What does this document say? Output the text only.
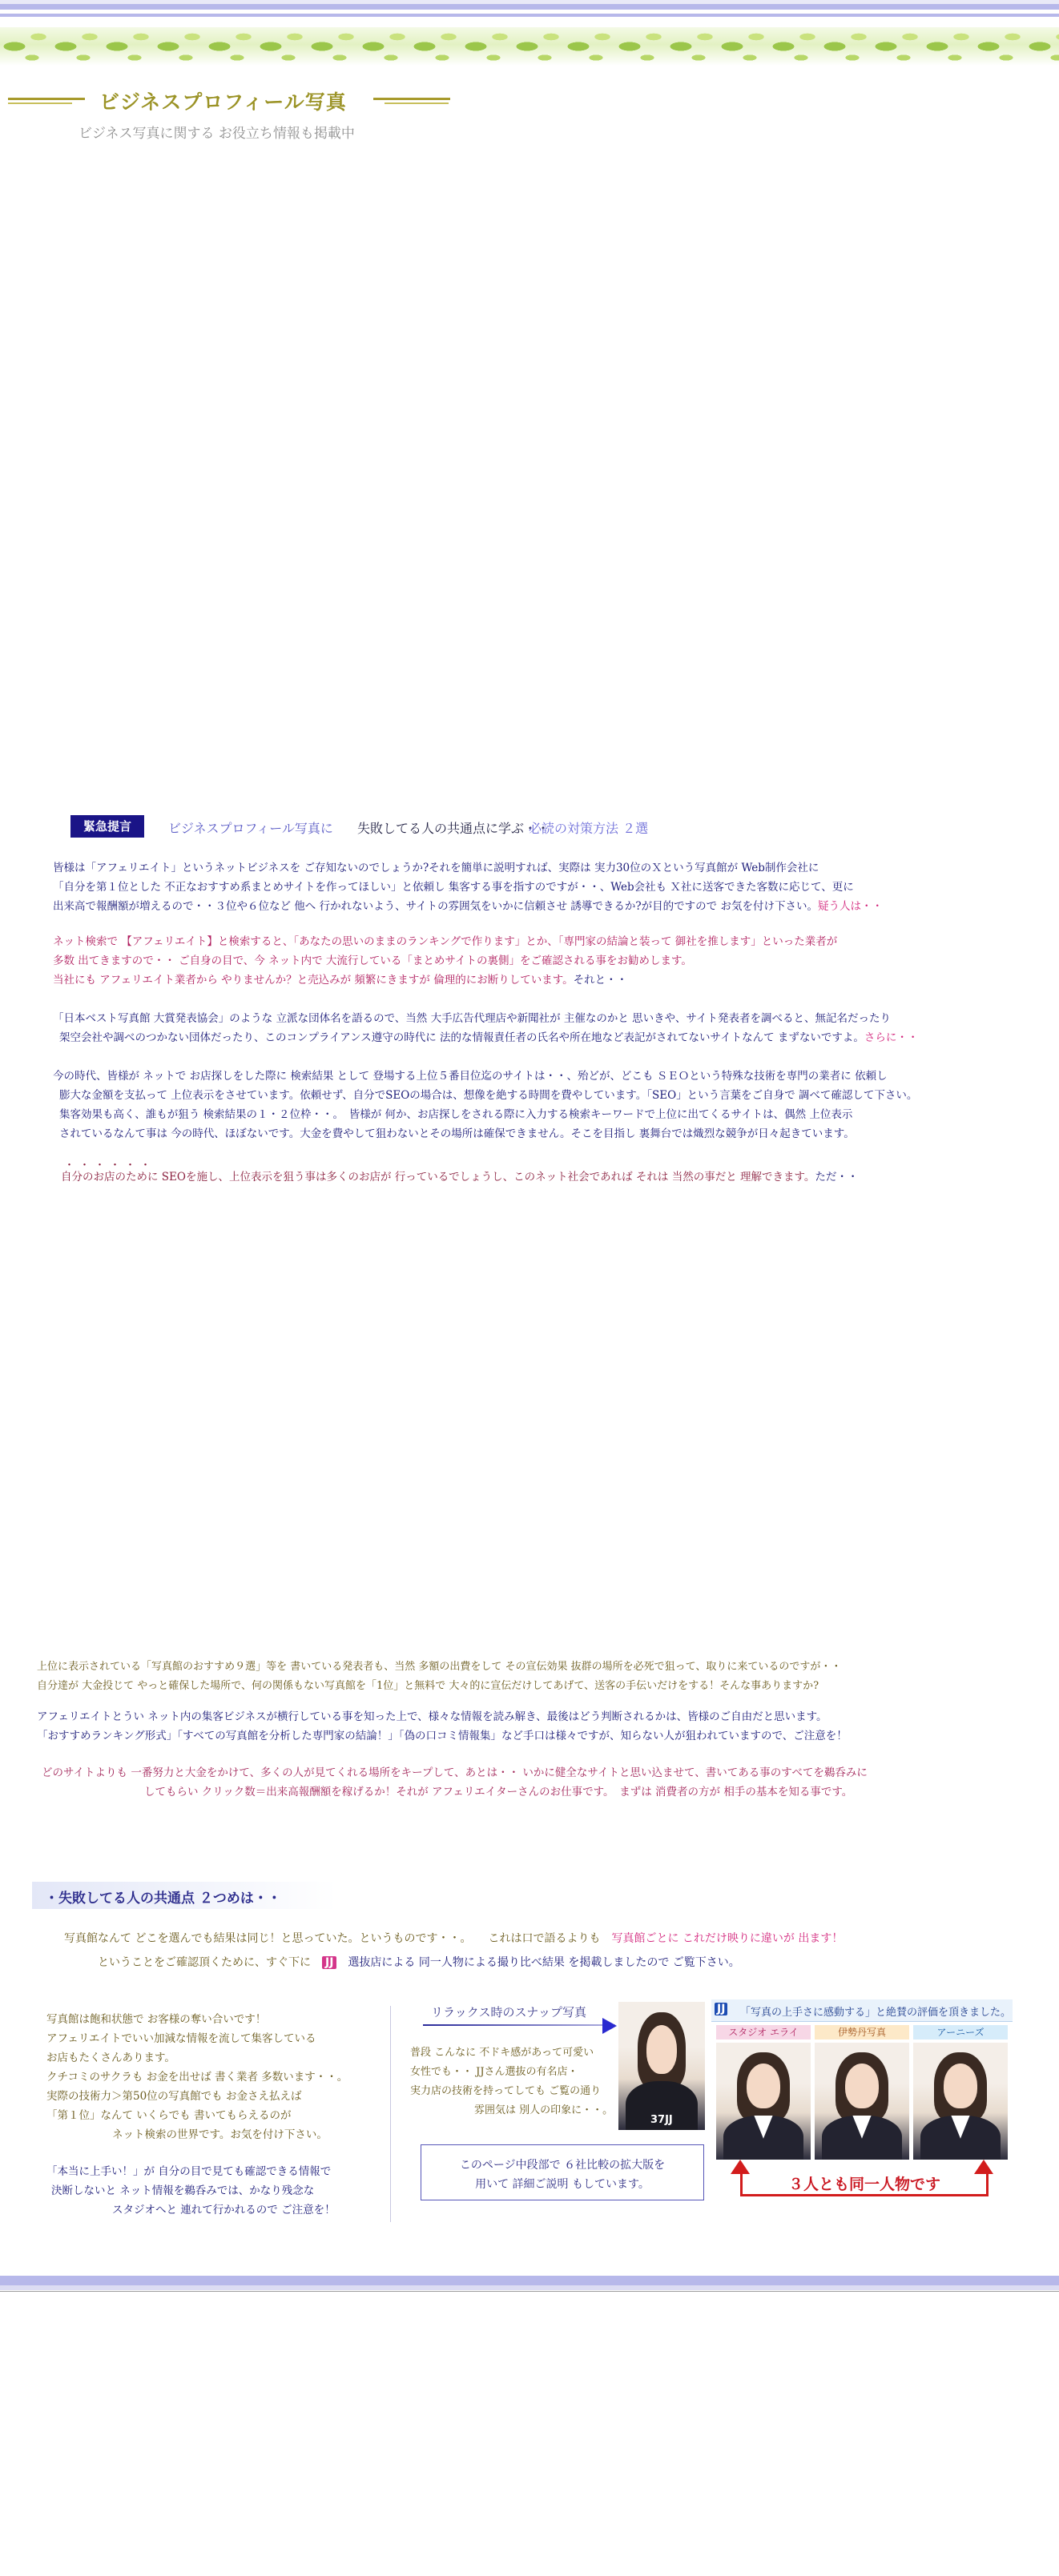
ビジネスプロフィール写真
ビジネス写真に関する お役立ち情報も掲載中
緊急提言	ビジネスプロフィール写真に 失敗してる人の共通点に学ぶ・・
必読の対策方法 ２選
皆様は「アフェリエイト」というネットビジネスを ご存知ないのでしょうか?それを簡単に説明すれば、実際は 実力30位のＸという写真館が Web制作会社に
「自分を第１位とした 不正なおすすめ系まとめサイトを作ってほしい」と依頼し 集客する事を指すのですが・・、Web会社も Ｘ社に送客できた客数に応じて、更に
出来高で報酬額が増えるので・・３位や６位など 他へ 行かれないよう、サイトの雰囲気をいかに信頼させ 誘導できるか?が目的ですので お気を付け下さい。疑う人は・・
ネット検索で 【アフェリエイト】と検索すると、「あなたの思いのままのランキングで作ります」とか、「専門家の結論と装って 御社を推します」といった業者が
多数 出てきますので・・ ご自身の目で、今 ネット内で 大流行している「まとめサイトの裏側」をご確認される事をお勧めします。
当社にも アフェリエイト業者から やりませんか？と売込みが 頻繁にきますが 倫理的にお断りしています。それと・・
「日本ベスト写真館 大賞発表協会」のような 立派な団体名を語るので、当然 大手広告代理店や新聞社が 主催なのかと 思いきや、サイト発表者を調べると、無記名だったり
架空会社や調べのつかない団体だったり、このコンプライアンス遵守の時代に 法的な情報責任者の氏名や所在地など表記がされてないサイトなんて まずないですよ。さらに・・
今の時代、皆様が ネットで お店探しをした際に 検索結果 として 登場する上位５番目位迄のサイトは・・、殆どが、どこも ＳＥＯという特殊な技術を専門の業者に 依頼し
膨大な金額を支払って 上位表示をさせています。依頼せず、自分でSEOの場合は、想像を絶する時間を費やしています。「SEO」という言葉をご自身で 調べて確認して下さい。
集客効果も高く、誰もが狙う 検索結果の１・２位枠・・。　皆様が 何か、お店探しをされる際に入力する検索キーワードで上位に出てくるサイトは、偶然 上位表示
されているなんて事は 今の時代、ほぼないです。大金を費やして狙わないとその場所は確保できません。そこを目指し 裏舞台では熾烈な競争が日々起きています。
・・・・・・
自分のお店のために SEOを施し、上位表示を狙う事は多くのお店が 行っているでしょうし、このネット社会であれば それは 当然の事だと 理解できます。ただ・・
上位に表示されている「写真館のおすすめ９選」等を 書いている発表者も、当然 多額の出費をして その宣伝効果 抜群の場所を必死で狙って、取りに来ているのですが・・
自分達が 大金投じて やっと確保した場所で、何の関係もない写真館を「1位」と無料で 大々的に宣伝だけしてあげて、送客の手伝いだけをする！そんな事ありますか?
アフェリエイトとうい ネット内の集客ビジネスが横行している事を知った上で、様々な情報を読み解き、最後はどう判断されるかは、皆様のご自由だと思います。
「おすすめランキング形式」「すべての写真館を分析した専門家の結論！」「偽の口コミ情報集」など手口は様々ですが、知らない人が狙われていますので、ご注意を！
どのサイトよりも 一番努力と大金をかけて、多くの人が見てくれる場所をキープして、あとは・・ いかに健全なサイトと思い込ませて、書いてある事のすべてを鵜呑みに
してもらい クリック数＝出来高報酬額を稼げるか！それが アフェリエイターさんのお仕事です。　まずは 消費者の方が 相手の基本を知る事です。
・失敗してる人の共通点 ２つめは・・
写真館なんて どこを選んでも結果は同じ！と思っていた。というものです・・。　　これは口で語るよりも　 写真館ごとに これだけ映りに違いが 出ます！
ということをご確認頂くために、すぐ下に　 JJ　 選抜店による 同一人物による撮り比べ結果 を掲載しましたので ご覧下さい。
写真館は飽和状態で お客様の奪い合いです！
アフェリエイトでいい加減な情報を流して集客している
お店もたくさんあります。
クチコミのサクラも お金を出せば 書く業者 多数います・・。
実際の技術力＞第50位の写真館でも お金さえ払えば
「第１位」なんて いくらでも 書いてもらえるのが
ネット検索の世界です。お気を付け下さい。
「本当に上手い！」が 自分の目で見ても確認できる情報で
決断しないと ネット情報を鵜呑みでは、かなり残念な
スタジオへと 連れて行かれるので ご注意を！
リラックス時のスナップ写真
37JJ
普段 こんなに 不ドキ感があって可愛い
女性でも・・ JJさん選抜の有名店・
実力店の技術を持ってしても ご覧の通り
雰囲気は 別人の印象に・・。
このページ中段部で ６社比較の拡大版を
用いて 詳細ご説明 もしています。
JJ 「写真の上手さに感動する」と絶賛の評価を頂きました。
スタジオ エライ	伊勢丹写真	アーニーズ
３人とも同一人物です
